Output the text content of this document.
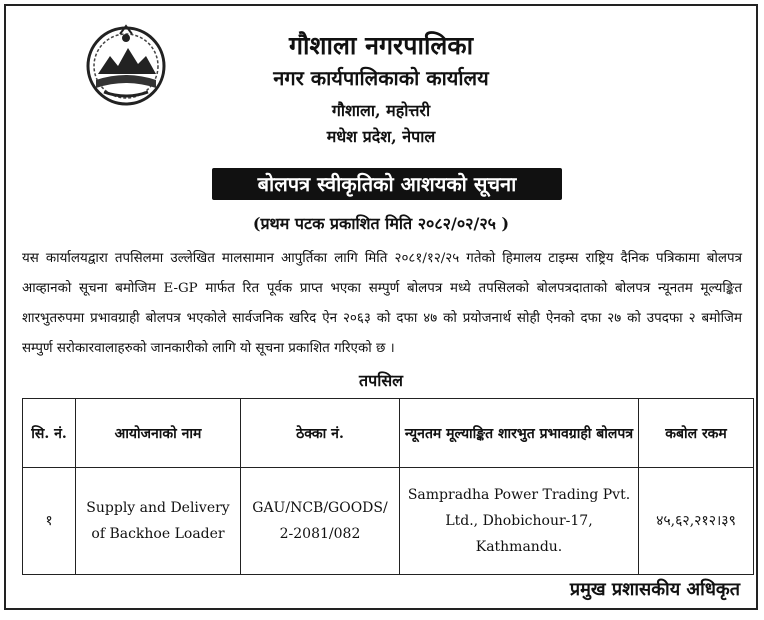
गौशाला नगरपालिका
नगर कार्यपालिकाको कार्यालय
गौशाला, महोत्तरी
मधेश प्रदेश, नेपाल
बोलपत्र स्वीकृतिको आशयको सूचना
(प्रथम पटक प्रकाशित मिति २०८२/०२/२५ )
यस कार्यालयद्वारा तपसिलमा उल्लेखित मालसामान आपुर्तिका लागि मिति २०८१/१२/२५ गतेको हिमालय टाइम्स राष्ट्रिय दैनिक पत्रिकामा बोलपत्र आव्हानको सूचना बमोजिम E-GP मार्फत रित पूर्वक प्राप्त भएका सम्पुर्ण बोलपत्र मध्ये तपसिलको बोलपत्रदाताको बोलपत्र न्यूनतम मूल्यङ्कित शारभुतरुपमा प्रभावग्राही बोलपत्र भएकोले सार्वजनिक खरिद ऐन २०६३ को दफा ४७ को प्रयोजनार्थ सोही ऐनको दफा २७ को उपदफा २ बमोजिम सम्पुर्ण सरोकारवालाहरुको जानकारीको लागि यो सूचना प्रकाशित गरिएको छ ।
तपसिल
सि. नं.	आयोजनाको नाम	ठेक्का नं.	न्यूनतम मूल्याङ्कित शारभुत प्रभावग्राही बोलपत्र	कबोल रकम
१	Supply and Delivery of Backhoe Loader	GAU/NCB/GOODS/ 2-2081/082	Sampradha Power Trading Pvt. Ltd., Dhobichour-17, Kathmandu.	४५,६२,२१२।३९
प्रमुख प्रशासकीय अधिकृत
